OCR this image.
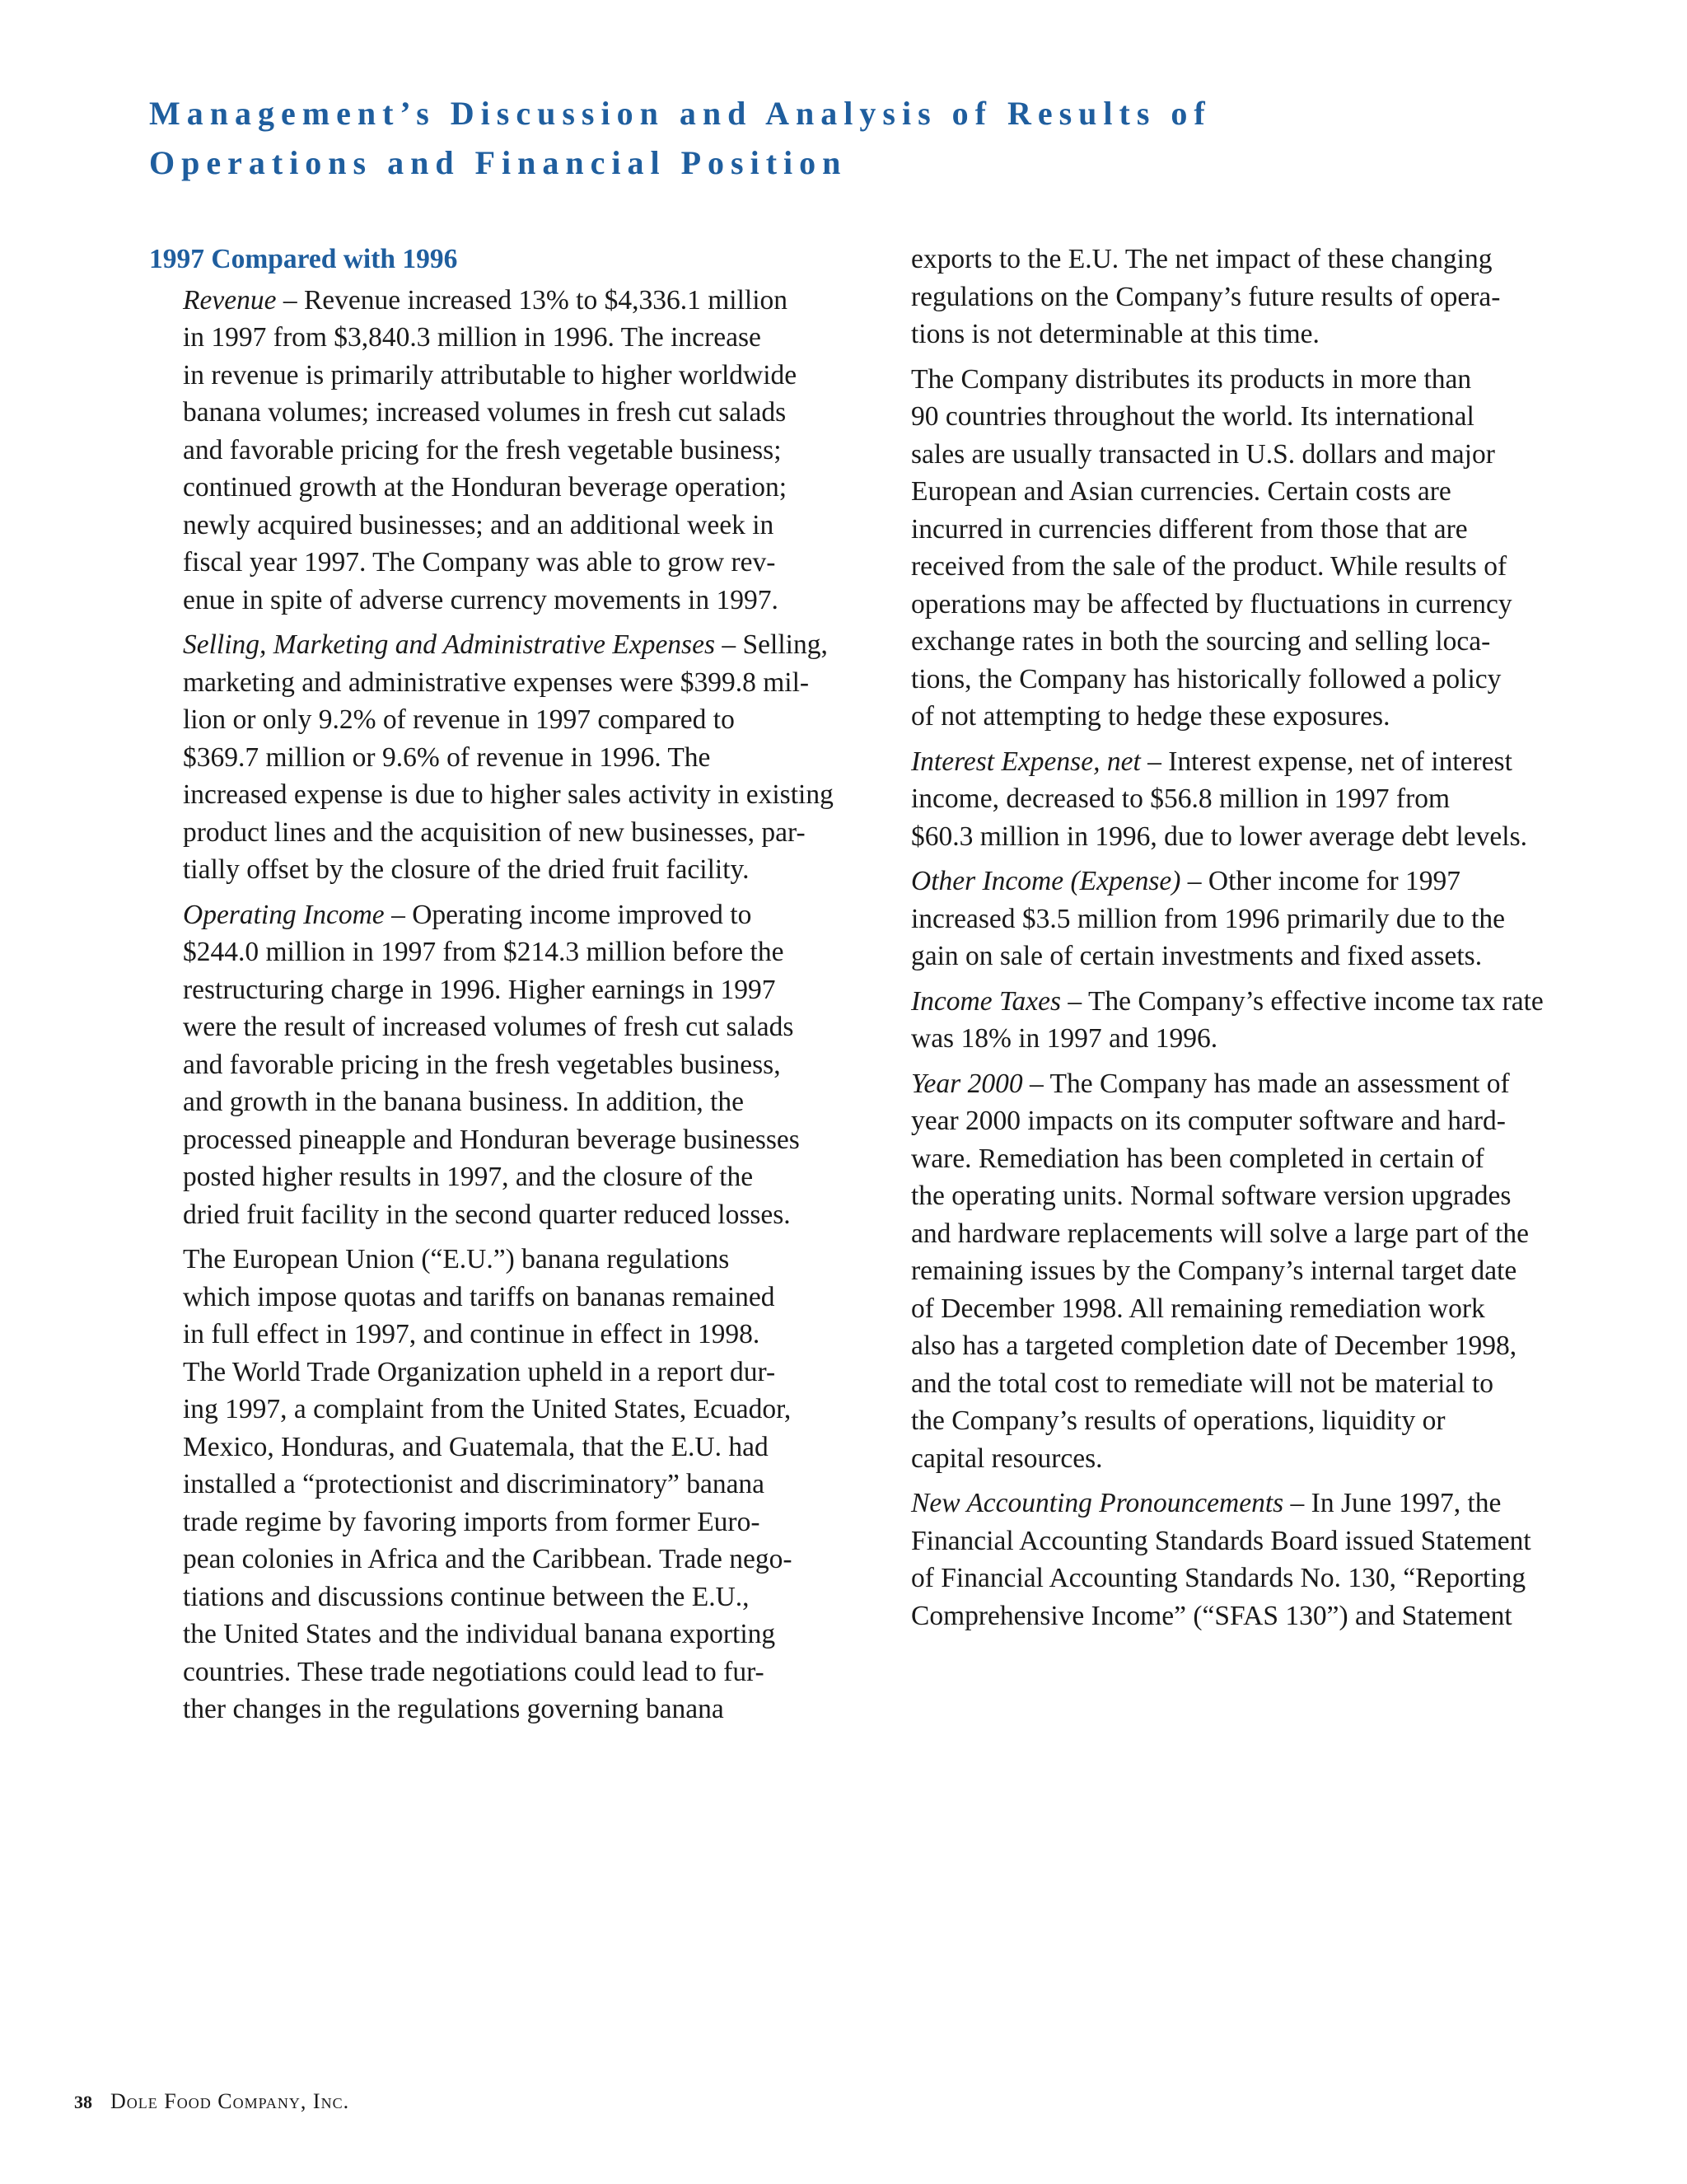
Management’s Discussion and Analysis of Results of
Operations and Financial Position
1997 Compared with 1996
Revenue – Revenue increased 13% to $4,336.1 million
in 1997 from $3,840.3 million in 1996. The increase
in revenue is primarily attributable to higher worldwide
banana volumes; increased volumes in fresh cut salads
and favorable pricing for the fresh vegetable business;
continued growth at the Honduran beverage operation;
newly acquired businesses; and an additional week in
fiscal year 1997. The Company was able to grow rev-
enue in spite of adverse currency movements in 1997.
Selling, Marketing and Administrative Expenses – Selling,
marketing and administrative expenses were $399.8 mil-
lion or only 9.2% of revenue in 1997 compared to
$369.7 million or 9.6% of revenue in 1996. The
increased expense is due to higher sales activity in existing
product lines and the acquisition of new businesses, par-
tially offset by the closure of the dried fruit facility.
Operating Income – Operating income improved to
$244.0 million in 1997 from $214.3 million before the
restructuring charge in 1996. Higher earnings in 1997
were the result of increased volumes of fresh cut salads
and favorable pricing in the fresh vegetables business,
and growth in the banana business. In addition, the
processed pineapple and Honduran beverage businesses
posted higher results in 1997, and the closure of the
dried fruit facility in the second quarter reduced losses.
The European Union (“E.U.”) banana regulations
which impose quotas and tariffs on bananas remained
in full effect in 1997, and continue in effect in 1998.
The World Trade Organization upheld in a report dur-
ing 1997, a complaint from the United States, Ecuador,
Mexico, Honduras, and Guatemala, that the E.U. had
installed a “protectionist and discriminatory” banana
trade regime by favoring imports from former Euro-
pean colonies in Africa and the Caribbean. Trade nego-
tiations and discussions continue between the E.U.,
the United States and the individual banana exporting
countries. These trade negotiations could lead to fur-
ther changes in the regulations governing banana
exports to the E.U. The net impact of these changing
regulations on the Company’s future results of opera-
tions is not determinable at this time.
The Company distributes its products in more than
90 countries throughout the world. Its international
sales are usually transacted in U.S. dollars and major
European and Asian currencies. Certain costs are
incurred in currencies different from those that are
received from the sale of the product. While results of
operations may be affected by fluctuations in currency
exchange rates in both the sourcing and selling loca-
tions, the Company has historically followed a policy
of not attempting to hedge these exposures.
Interest Expense, net – Interest expense, net of interest
income, decreased to $56.8 million in 1997 from
$60.3 million in 1996, due to lower average debt levels.
Other Income (Expense) – Other income for 1997
increased $3.5 million from 1996 primarily due to the
gain on sale of certain investments and fixed assets.
Income Taxes – The Company’s effective income tax rate
was 18% in 1997 and 1996.
Year 2000 – The Company has made an assessment of
year 2000 impacts on its computer software and hard-
ware. Remediation has been completed in certain of
the operating units. Normal software version upgrades
and hardware replacements will solve a large part of the
remaining issues by the Company’s internal target date
of December 1998. All remaining remediation work
also has a targeted completion date of December 1998,
and the total cost to remediate will not be material to
the Company’s results of operations, liquidity or
capital resources.
New Accounting Pronouncements – In June 1997, the
Financial Accounting Standards Board issued Statement
of Financial Accounting Standards No. 130, “Reporting
Comprehensive Income” (“SFAS 130”) and Statement
38 Dole Food Company, Inc.
